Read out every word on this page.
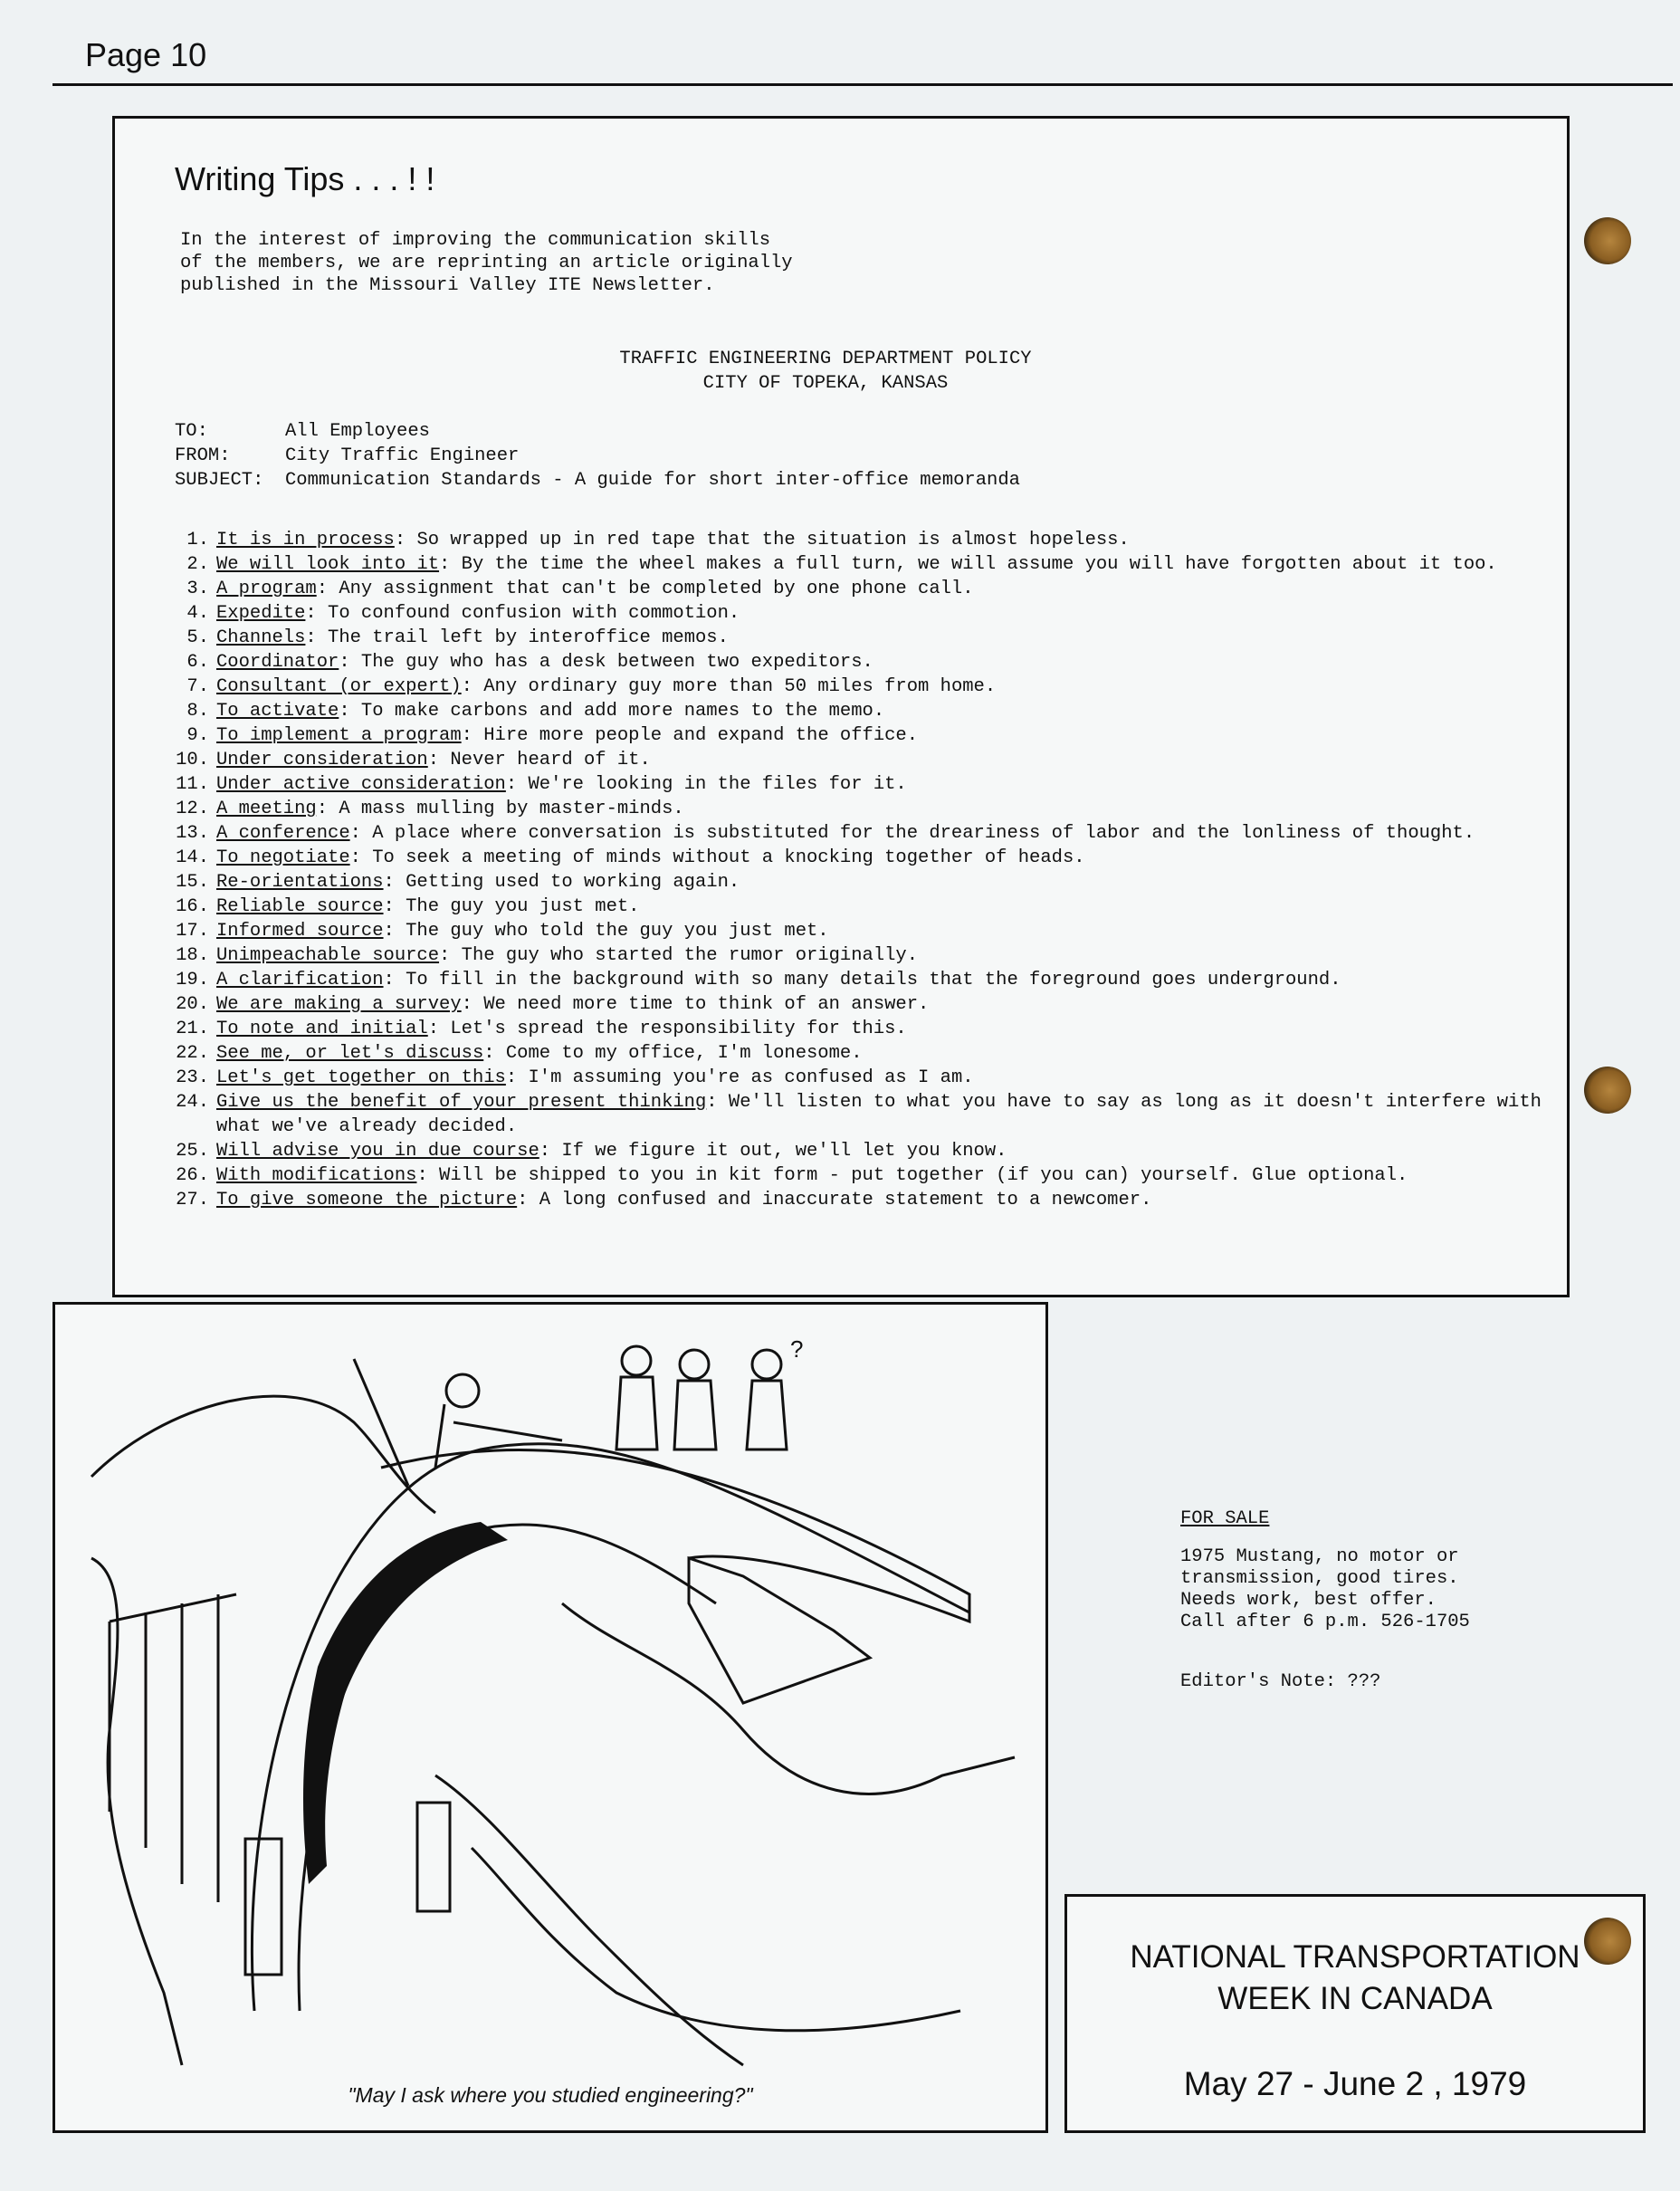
Page 10
Writing Tips . . . ! !
In the interest of improving the communication skills
of the members, we are reprinting an article originally
published in the Missouri Valley ITE Newsletter.
TRAFFIC ENGINEERING DEPARTMENT POLICY
CITY OF TOPEKA, KANSAS
TO:	All Employees
FROM:	City Traffic Engineer
SUBJECT:	Communication Standards - A guide for short inter-office memoranda
1. It is in process: So wrapped up in red tape that the situation is almost hopeless.
2. We will look into it: By the time the wheel makes a full turn, we will assume you will have forgotten about it too.
3. A program: Any assignment that can't be completed by one phone call.
4. Expedite: To confound confusion with commotion.
5. Channels: The trail left by interoffice memos.
6. Coordinator: The guy who has a desk between two expeditors.
7. Consultant (or expert): Any ordinary guy more than 50 miles from home.
8. To activate: To make carbons and add more names to the memo.
9. To implement a program: Hire more people and expand the office.
10. Under consideration: Never heard of it.
11. Under active consideration: We're looking in the files for it.
12. A meeting: A mass mulling by master-minds.
13. A conference: A place where conversation is substituted for the dreariness of labor and the lonliness of thought.
14. To negotiate: To seek a meeting of minds without a knocking together of heads.
15. Re-orientations: Getting used to working again.
16. Reliable source: The guy you just met.
17. Informed source: The guy who told the guy you just met.
18. Unimpeachable source: The guy who started the rumor originally.
19. A clarification: To fill in the background with so many details that the foreground goes underground.
20. We are making a survey: We need more time to think of an answer.
21. To note and initial: Let's spread the responsibility for this.
22. See me, or let's discuss: Come to my office, I'm lonesome.
23. Let's get together on this: I'm assuming you're as confused as I am.
24. Give us the benefit of your present thinking: We'll listen to what you have to say as long as it doesn't interfere with what we've already decided.
25. Will advise you in due course: If we figure it out, we'll let you know.
26. With modifications: Will be shipped to you in kit form - put together (if you can) yourself. Glue optional.
27. To give someone the picture: A long confused and inaccurate statement to a newcomer.
?
"May I ask where you studied engineering?"
FOR SALE
1975 Mustang, no motor or
transmission, good tires.
Needs work, best offer.
Call after 6 p.m. 526-1705
Editor's Note: ???
NATIONAL TRANSPORTATION
WEEK IN CANADA
May 27 - June 2 , 1979
